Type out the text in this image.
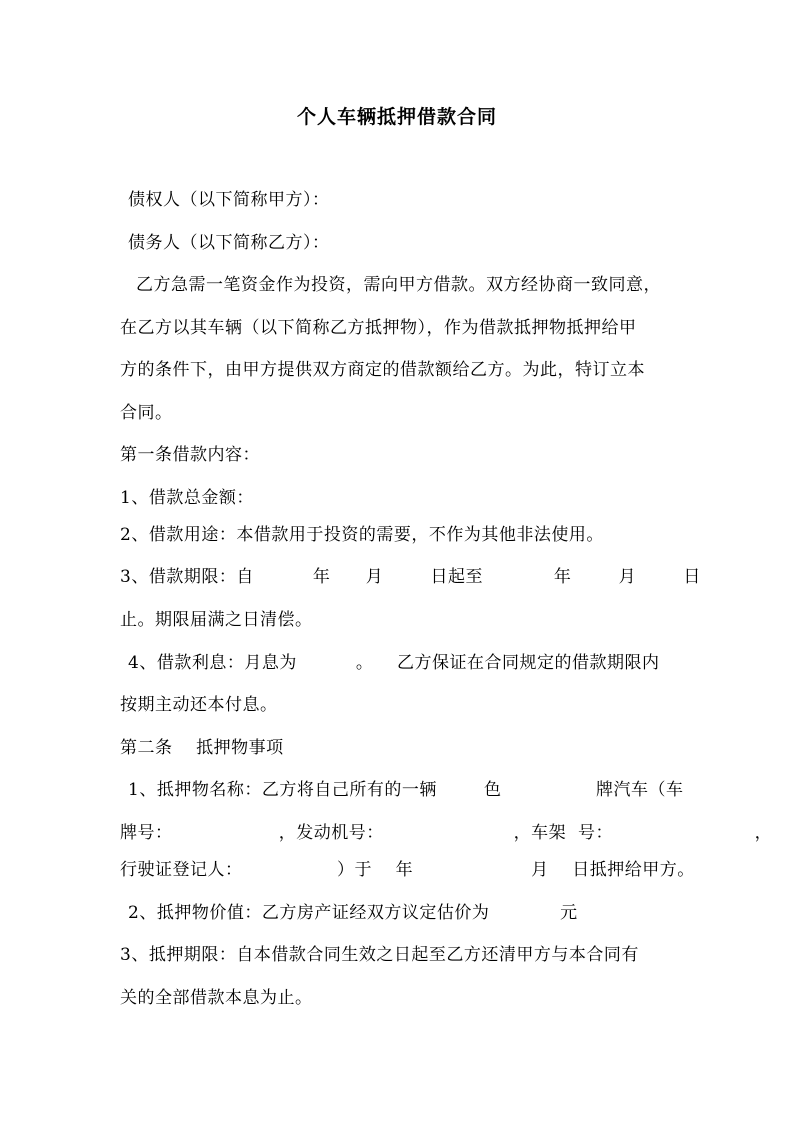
个人车辆抵押借款合同
债权人（以下简称甲方）：
债务人（以下简称乙方）：
乙方急需一笔资金作为投资，需向甲方借款。双方经协商一致同意，
在乙方以其车辆（以下简称乙方抵押物），作为借款抵押物抵押给甲
方的条件下，由甲方提供双方商定的借款额给乙方。为此，特订立本
合同。
第一条借款内容：
1、借款总金额：
2、借款用途：本借款用于投资的需要，不作为其他非法使用。
3、借款期限：自          年      月        日起至            年        月        日
止。期限届满之日清偿。
4、借款利息：月息为          。    乙方保证在合同规定的借款期限内
按期主动还本付息。
第二条    抵押物事项
1、抵押物名称：乙方将自己所有的一辆        色                牌汽车（车
牌号：                  ，发动机号：                      ，车架  号：                        ，
行驶证登记人：                ）于    年                    月    日抵押给甲方。
2、抵押物价值：乙方房产证经双方议定估价为            元
3、抵押期限：自本借款合同生效之日起至乙方还清甲方与本合同有
关的全部借款本息为止。
